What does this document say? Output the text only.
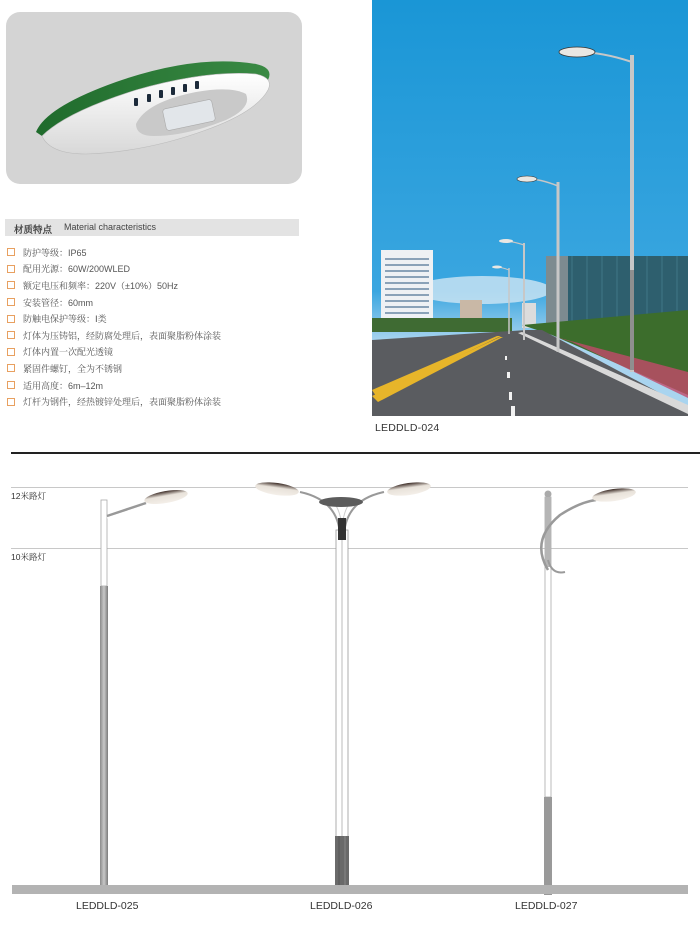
材质特点 Material characteristics
防护等级：IP65
配用光源：60W/200WLED
额定电压和频率：220V（±10%）50Hz
安装管径：60mm
防触电保护等级：Ⅰ类
灯体为压铸铝，经防腐处理后，表面聚脂粉体涂装
灯体内置一次配光透镜
紧固件螺钉，全为不锈钢
适用高度：6m–12m
灯杆为钢件，经热镀锌处理后，表面聚脂粉体涂装
LEDDLD-024
12米路灯
10米路灯
LEDDLD-025	LEDDLD-026	LEDDLD-027
